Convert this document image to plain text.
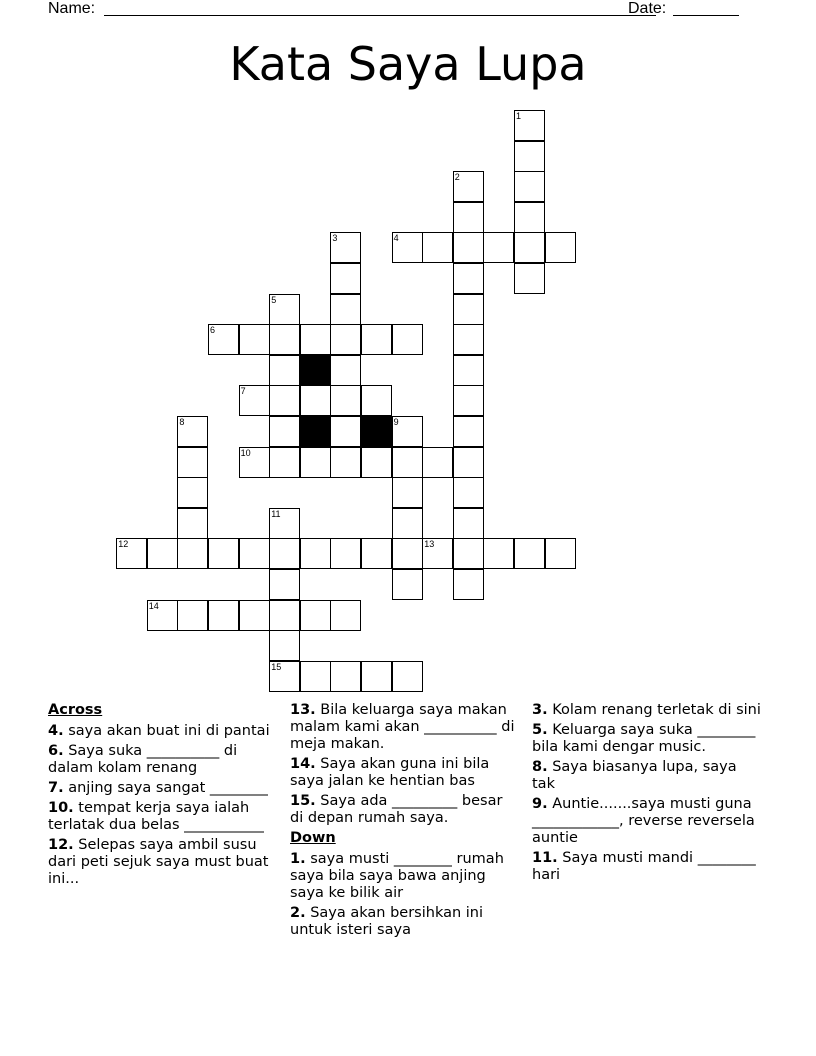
Name:	Date:
Kata Saya Lupa
1
2
3	4
5
6
7
8	9
10
11
12	13
14
15
Across
4. saya akan buat ini di pantai
6. Saya suka __________ di dalam kolam renang
7. anjing saya sangat ________
10. tempat kerja saya ialah terlatak dua belas ___________
12. Selepas saya ambil susu dari peti sejuk saya must buat ini...
13. Bila keluarga saya makan malam kami akan __________ di meja makan.
14. Saya akan guna ini bila saya jalan ke hentian bas
15. Saya ada _________ besar di depan rumah saya.
Down
1. saya musti ________ rumah saya bila saya bawa anjing saya ke bilik air
2. Saya akan bersihkan ini untuk isteri saya
3. Kolam renang terletak di sini
5. Keluarga saya suka ________ bila kami dengar music.
8. Saya biasanya lupa, saya tak
9. Auntie.......saya musti guna ____________, reverse reversela auntie
11. Saya musti mandi ________ hari
